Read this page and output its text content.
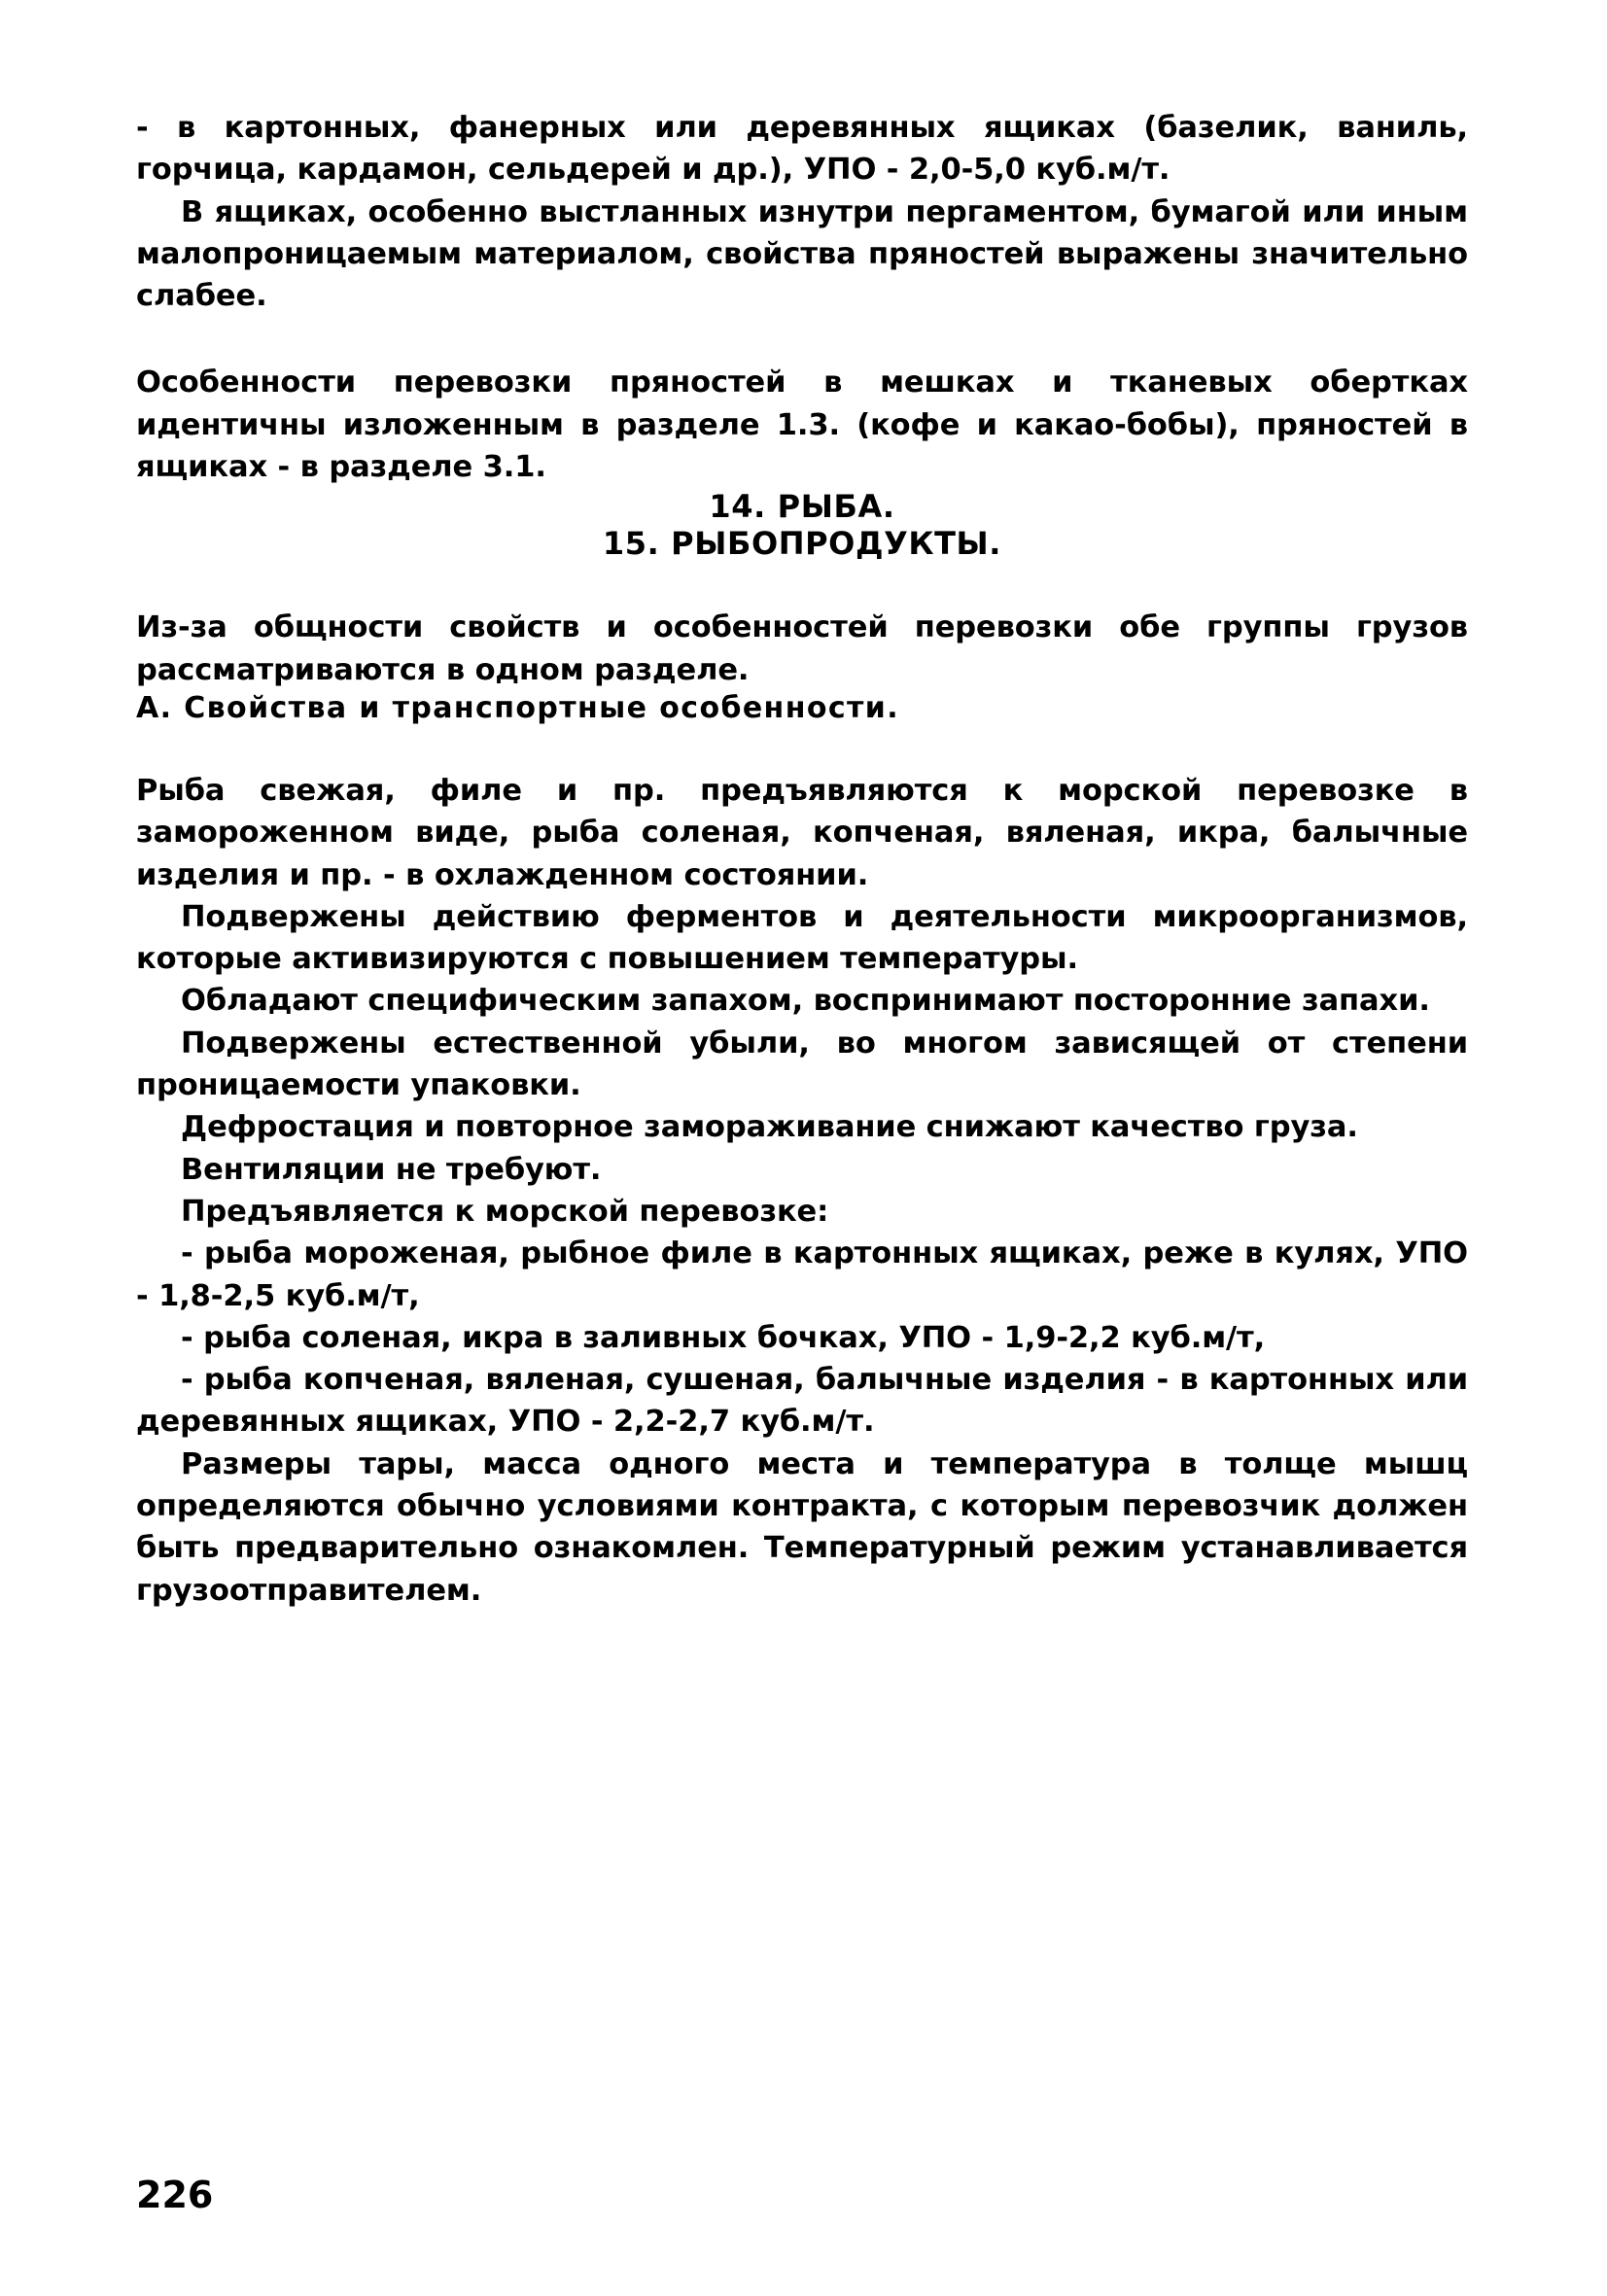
- в картонных, фанерных или деревянных ящиках (базелик, ваниль, горчица, кардамон, сельдерей и др.), УПО - 2,0-5,0 куб.м/т.

В ящиках, особенно выстланных изнутри пергаментом, бумагой или иным малопроницаемым материалом, свойства пряностей выражены значительно слабее.

Особенности перевозки пряностей в мешках и тканевых обертках идентичны изложенным в разделе 1.3. (кофе и какао-бобы), пряностей в ящиках - в разделе 3.1.

14. РЫБА.
15. РЫБОПРОДУКТЫ.

Из-за общности свойств и особенностей перевозки обе группы грузов рассматриваются в одном разделе.

А. Свойства и транспортные особенности.

Рыба свежая, филе и пр. предъявляются к морской перевозке в замороженном виде, рыба соленая, копченая, вяленая, икра, балычные изделия и пр. - в охлажденном состоянии.

Подвержены действию ферментов и деятельности микроорганизмов, которые активизируются с повышением температуры.

Обладают специфическим запахом, воспринимают посторонние запахи.

Подвержены естественной убыли, во многом зависящей от степени проницаемости упаковки.

Дефростация и повторное замораживание снижают качество груза.

Вентиляции не требуют.

Предъявляется к морской перевозке:

- рыба мороженая, рыбное филе в картонных ящиках, реже в кулях, УПО - 1,8-2,5 куб.м/т,

- рыба соленая, икра в заливных бочках, УПО - 1,9-2,2 куб.м/т,

- рыба копченая, вяленая, сушеная, балычные изделия - в картонных или деревянных ящиках, УПО - 2,2-2,7 куб.м/т.

Размеры тары, масса одного места и температура в толще мышц определяются обычно условиями контракта, с которым перевозчик должен быть предварительно ознакомлен. Температурный режим устанавливается грузоотправителем.

226
